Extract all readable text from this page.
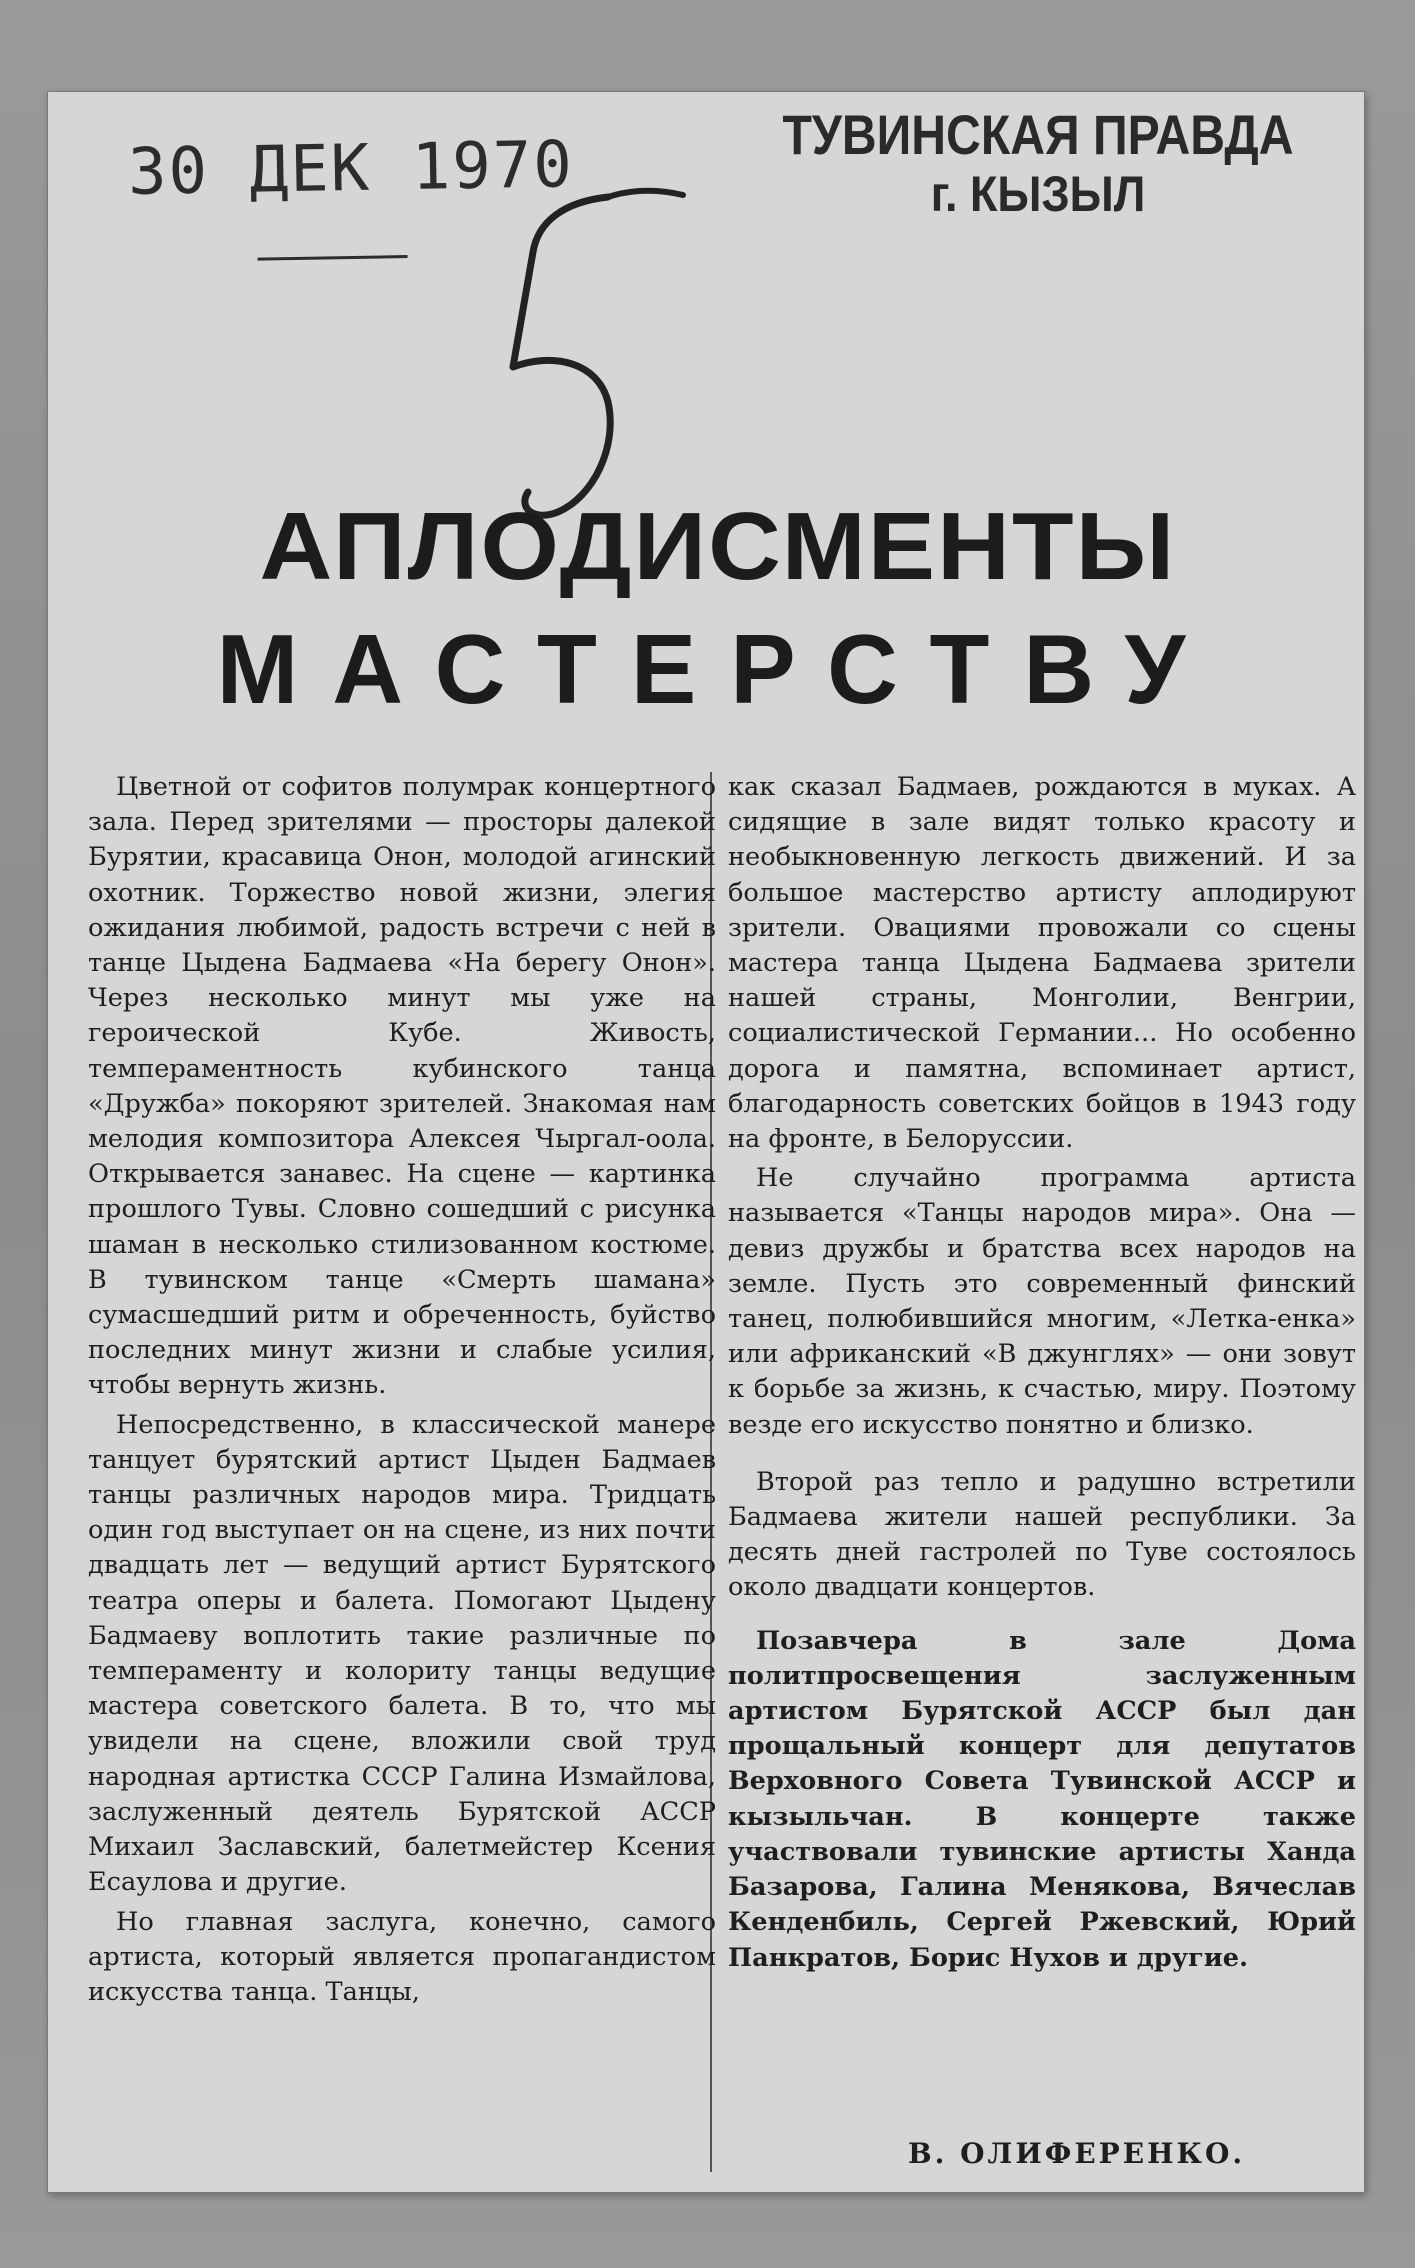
30 ДЕК 1970	ТУВИНСКАЯ ПРАВДА
г. КЫЗЫЛ
АПЛОДИСМЕНТЫ
МАСТЕРСТВУ

Цветной от софитов полумрак концертного зала. Перед зрителями — просторы далекой Бурятии, красавица Онон, молодой агинский охотник. Торжество новой жизни, элегия ожидания любимой, радость встречи с ней в танце Цыдена Бадмаева «На берегу Онон». Через несколько минут мы уже на героической Кубе. Живость, темпераментность кубинского танца «Дружба» покоряют зрителей. Знакомая нам мелодия композитора Алексея Чыргал-оола. Открывается занавес. На сцене — картинка прошлого Тувы. Словно сошедший с рисунка шаман в несколько стилизованном костюме. В тувинском танце «Смерть шамана» сумасшедший ритм и обреченность, буйство последних минут жизни и слабые усилия, чтобы вернуть жизнь.

Непосредственно, в классической манере танцует бурятский артист Цыден Бадмаев танцы различных народов мира. Тридцать один год выступает он на сцене, из них почти двадцать лет — ведущий артист Бурятского театра оперы и балета. Помогают Цыдену Бадмаеву воплотить такие различные по темпераменту и колориту танцы ведущие мастера советского балета. В то, что мы увидели на сцене, вложили свой труд народная артистка СССР Галина Измайлова, заслуженный деятель Бурятской АССР Михаил Заславский, балетмейстер Ксения Есаулова и другие.

Но главная заслуга, конечно, самого артиста, который является пропагандистом искусства танца. Танцы,

как сказал Бадмаев, рождаются в муках. А сидящие в зале видят только красоту и необыкновенную легкость движений. И за большое мастерство артисту аплодируют зрители. Овациями провожали со сцены мастера танца Цыдена Бадмаева зрители нашей страны, Монголии, Венгрии, социалистической Германии... Но особенно дорога и памятна, вспоминает артист, благодарность советских бойцов в 1943 году на фронте, в Белоруссии.

Не случайно программа артиста называется «Танцы народов мира». Она — девиз дружбы и братства всех народов на земле. Пусть это современный финский танец, полюбившийся многим, «Летка-енка» или африканский «В джунглях» — они зовут к борьбе за жизнь, к счастью, миру. Поэтому везде его искусство понятно и близко.

Второй раз тепло и радушно встретили Бадмаева жители нашей республики. За десять дней гастролей по Туве состоялось около двадцати концертов.

Позавчера в зале Дома политпросвещения заслуженным артистом Бурятской АССР был дан прощальный концерт для депутатов Верховного Совета Тувинской АССР и кызыльчан. В концерте также участвовали тувинские артисты Ханда Базарова, Галина Менякова, Вячеслав Кенденбиль, Сергей Ржевский, Юрий Панкратов, Борис Нухов и другие.

В. ОЛИФЕРЕНКО.
